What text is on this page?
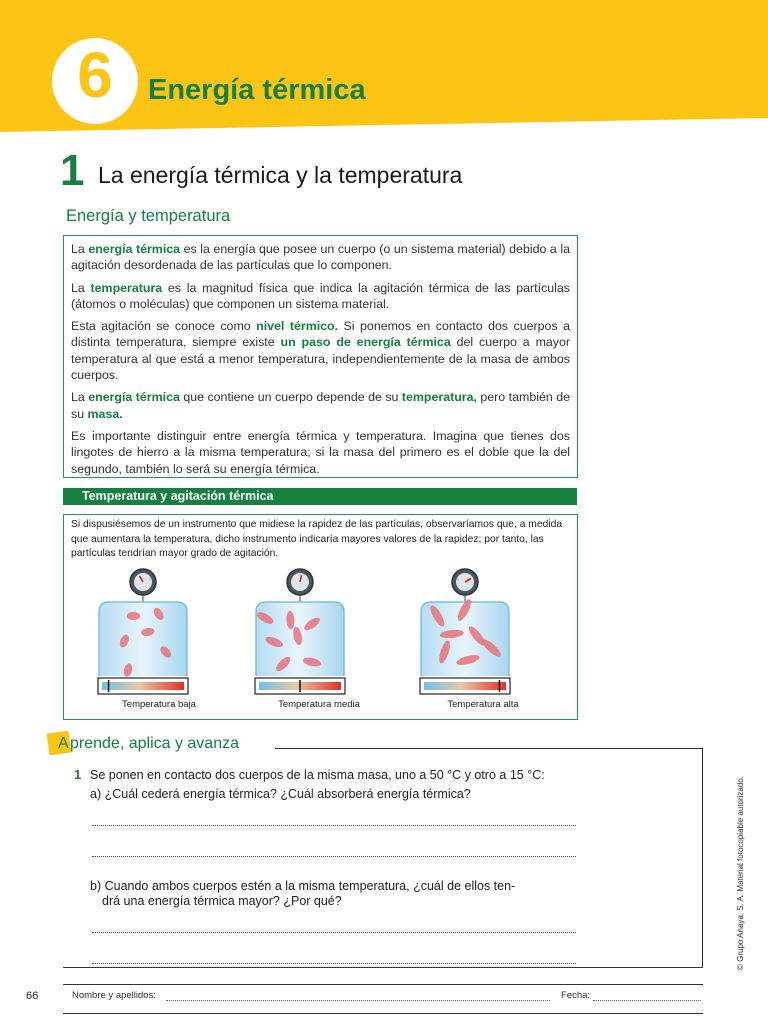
6	Energía térmica
1 La energía térmica y la temperatura
Energía y temperatura

La energía térmica es la energía que posee un cuerpo (o un sistema material) debido a la agitación desordenada de las partículas que lo componen.

La temperatura es la magnitud física que indica la agitación térmica de las partículas (átomos o moléculas) que componen un sistema material.

Esta agitación se conoce como nivel térmico. Si ponemos en contacto dos cuerpos a distinta temperatura, siempre existe un paso de energía térmica del cuerpo a mayor temperatura al que está a menor temperatura, independientemente de la masa de ambos cuerpos.

La energía térmica que contiene un cuerpo depende de su temperatura, pero también de su masa.

Es importante distinguir entre energía térmica y temperatura. Imagina que tienes dos lingotes de hierro a la misma temperatura; si la masa del primero es el doble que la del segundo, también lo será su energía térmica.

Temperatura y agitación térmica
Si dispusiésemos de un instrumento que midiese la rapidez de las partículas, observaríamos que, a medida que aumentara la temperatura, dicho instrumento indicaría mayores valores de la rapidez; por tanto, las partículas tendrían mayor grado de agitación.
Temperatura baja	Temperatura media	Temperatura alta
A prende, aplica y avanza
1 Se ponen en contacto dos cuerpos de la misma masa, uno a 50 °C y otro a 15 °C:
a) ¿Cuál cederá energía térmica? ¿Cuál absorberá energía térmica?
b) Cuando ambos cuerpos estén a la misma temperatura, ¿cuál de ellos ten-
drá una energía térmica mayor? ¿Por qué?	© Grupo Anaya, S. A. Material fotocopiable autorizado.
66	Nombre y apellidos:	Fecha:
